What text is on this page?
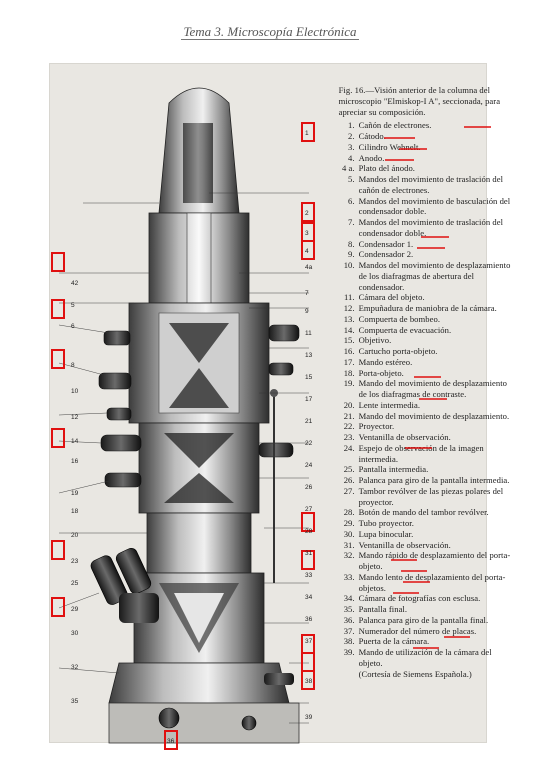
Tema 3. Microscopía Electrónica
42
5
6
8
10
12
14
16
19
18
20
23
25
29
30
32
35
1
2
3
4
4a
7
9
11
13
15
17
21
22
24
26
27
28
31
33
34
36
37
38
39
36
Fig. 16.—Visión anterior de la columna del microscopio "Elmiskop-I A", seccionada, para apreciar su composición.
1. Cañón de electrones.
2. Cátodo.
3. Cilindro Wehnelt.
4. Anodo.
4 a. Plato del ánodo.
5. Mandos del movimiento de traslación del cañón de electrones.
6. Mandos del movimiento de basculación del condensador doble.
7. Mandos del movimiento de traslación del condensador doble.
8. Condensador 1.
9. Condensador 2.
10. Mandos del movimiento de desplazamiento de los diafragmas de abertura del condensador.
11. Cámara del objeto.
12. Empuñadura de maniobra de la cámara.
13. Compuerta de bombeo.
14. Compuerta de evacuación.
15. Objetivo.
16. Cartucho porta-objeto.
17. Mando estéreo.
18. Porta-objeto.
19. Mando del movimiento de desplazamiento de los diafragmas de contraste.
20. Lente intermedia.
21. Mando del movimiento de desplazamiento.
22. Proyector.
23. Ventanilla de observación.
24. Espejo de observación de la imagen intermedia.
25. Pantalla intermedia.
26. Palanca para giro de la pantalla intermedia.
27. Tambor revólver de las piezas polares del proyector.
28. Botón de mando del tambor revólver.
29. Tubo proyector.
30. Lupa binocular.
31. Ventanilla de observación.
32. Mando rápido de desplazamiento del porta-objeto.
33. Mando lento de desplazamiento del porta-objetos.
34. Cámara de fotografías con esclusa.
35. Pantalla final.
36. Palanca para giro de la pantalla final.
37. Numerador del número de placas.
38. Puerta de la cámara.
39. Mando de utilización de la cámara del objeto.
(Cortesía de Siemens Española.)
